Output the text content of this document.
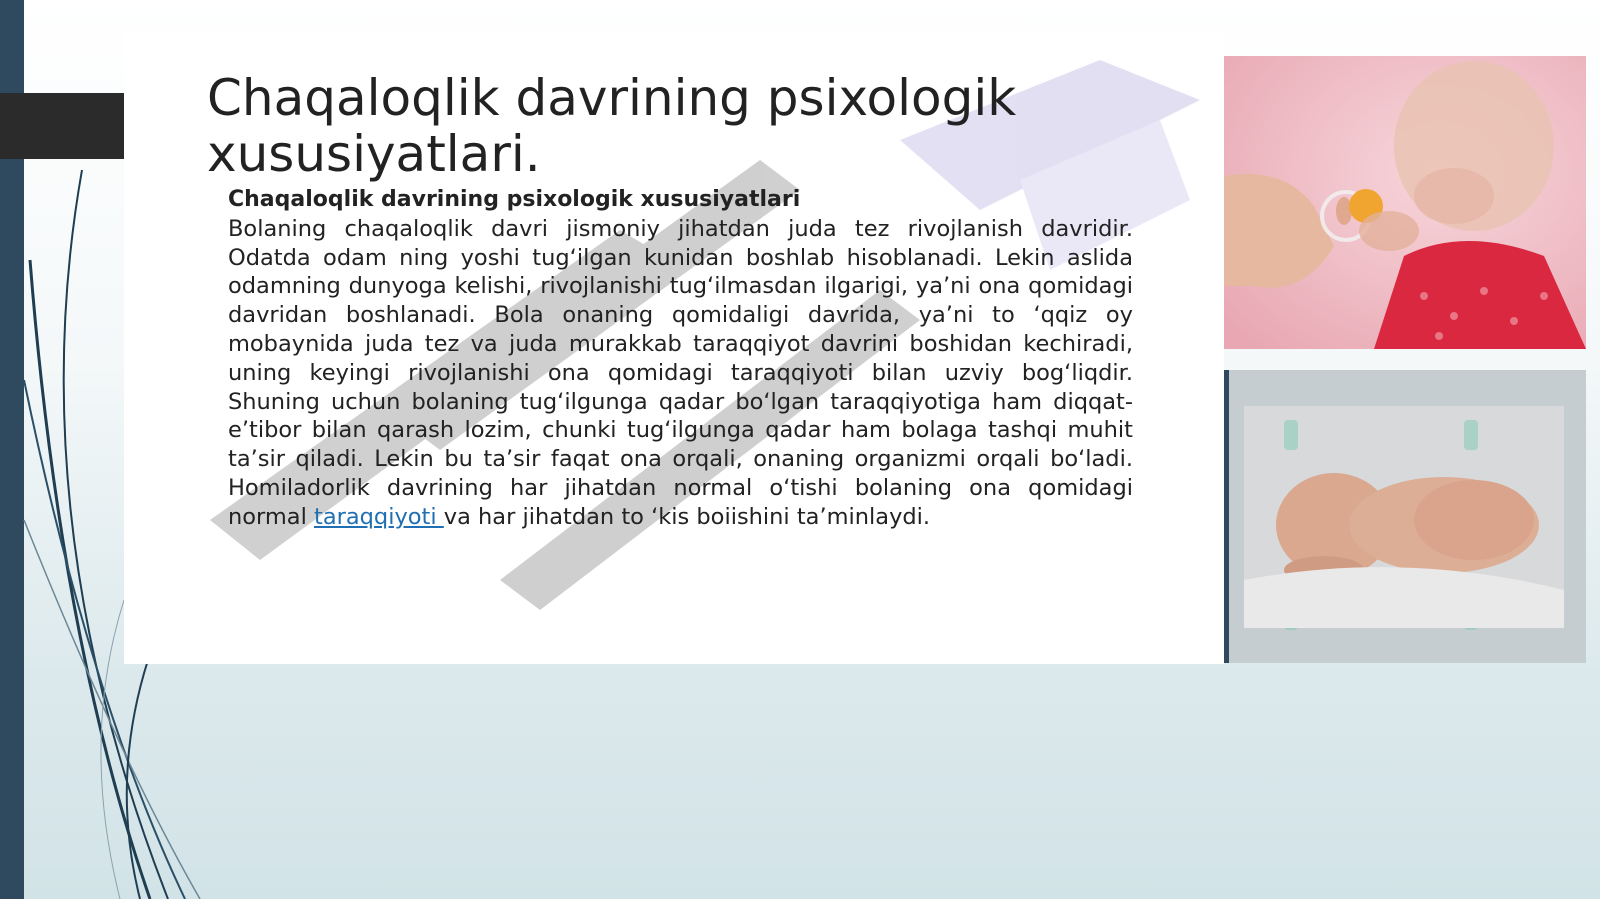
Chaqaloqlik davrining psixologik xususiyatlari.
Chaqaloqlik davrining psixologik xususiyatlari
Bolaning chaqaloqlik davri jismoniy jihatdan juda tez rivojlanish davridir. Odatda odam ning yoshi tug‘ilgan kunidan boshlab hisoblanadi. Lekin aslida odamning dunyoga kelishi, rivojlanishi tug‘ilmasdan ilgarigi, ya’ni ona qomidagi davridan boshlanadi. Bola onaning qomidaligi davrida, ya’ni to ‘qqiz oy mobaynida juda tez va juda murakkab taraqqiyot davrini boshidan kechiradi, uning keyingi rivojlanishi ona qomidagi taraqqiyoti bilan uzviy bog‘liqdir. Shuning uchun bolaning tug‘ilgunga qadar bo‘lgan taraqqiyotiga ham diqqat-e’tibor bilan qarash lozim, chunki tug‘ilgunga qadar ham bolaga tashqi muhit ta’sir qiladi. Lekin bu ta’sir faqat ona orqali, onaning organizmi orqali bo‘ladi. Homiladorlik davrining har jihatdan normal o‘tishi bolaning ona qomidagi normal taraqqiyoti va har jihatdan to ‘kis boiishini ta’minlaydi.
